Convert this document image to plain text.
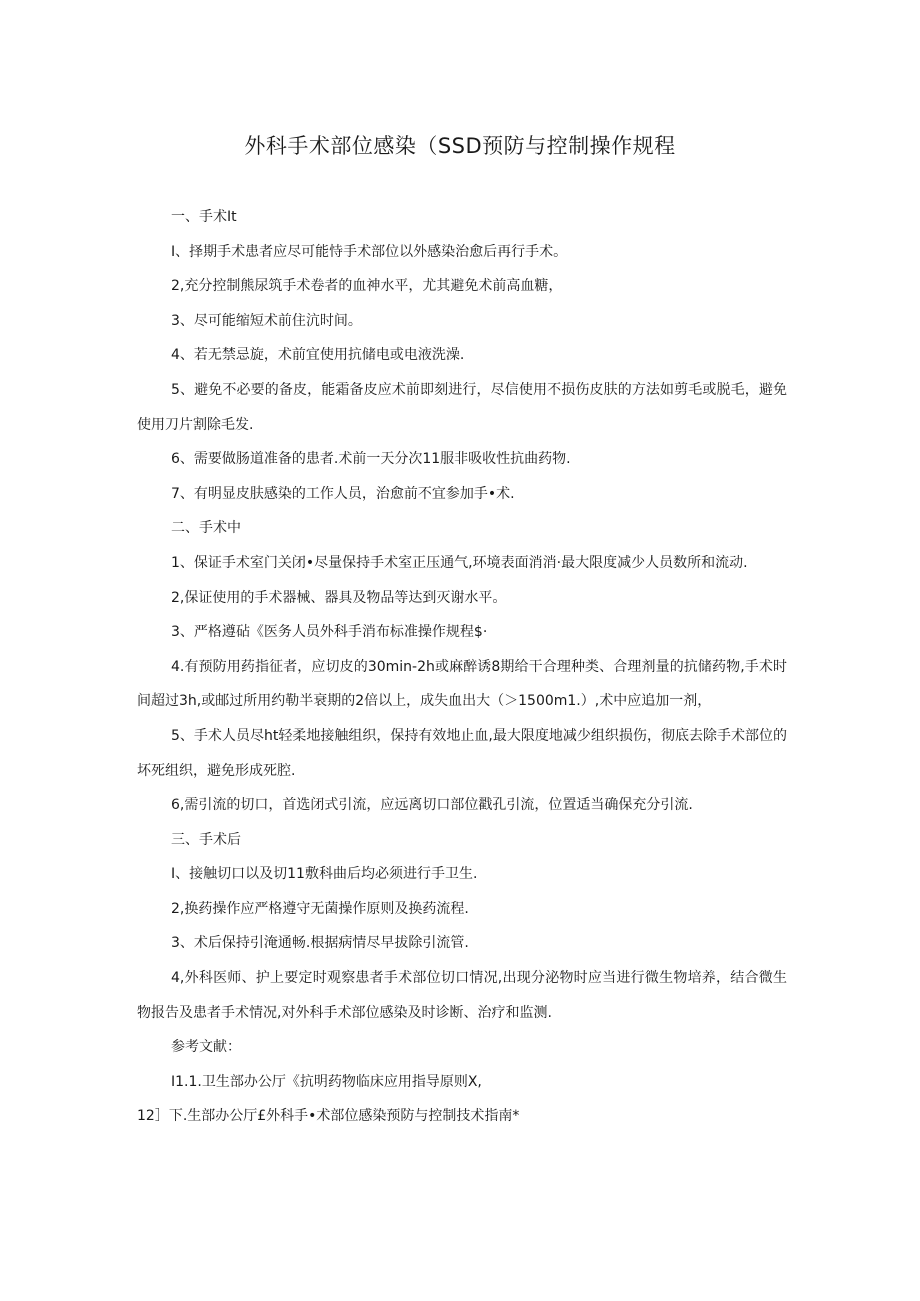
外科手术部位感染（SSD预防与控制操作规程

一、手术It

I、择期手术患者应尽可能恃手术部位以外感染治愈后再行手术。

2,充分控制熊尿筑手术卷者的血神水平，尤其避免术前高血糖，

3、尽可能缩短术前住沆时间。

4、若无禁忌旋，术前宜使用抗储电或电液洗澡.

5、避免不必要的备皮，能霜备皮应术前即刻进行，尽信使用不损伤皮肤的方法如剪毛或脱毛，避免使用刀片割除毛发.

6、需要做肠道准备的患者.术前一天分次11服非吸收性抗曲药物.

7、有明显皮肤感染的工作人员，治愈前不宜参加手•术.

二、手术中

1、保证手术室门关闭•尽量保持手术室正压通气,环境表面消消·最大限度减少人员数所和流动.

2,保证使用的手术器械、器具及物品等达到灭谢水平。

3、严格遵砧《医务人员外科手消布标准操作规程$·

4.有预防用药指征者，应切皮的30min-2h或麻醉诱8期给干合理种类、合理剂量的抗储药物,手术时间超过3h,或邮过所用约勒半衰期的2倍以上，成失血出大（＞1500m1.）,术中应追加一剂，

5、手术人员尽ht轻柔地接触组织，保持有效地止血,最大限度地减少组织损伤，彻底去除手术部位的坏死组织，避免形成死腔.

6,需引流的切口，首选闭式引流，应远离切口部位戳孔引流，位置适当确保充分引流.

三、手术后

I、接触切口以及切11敷科曲后均必须进行手卫生.

2,换药操作应严格遵守无菌操作原则及换药流程.

3、术后保持引淹通畅.根据病情尽早拔除引流管.

4,外科医师、护上要定时观察患者手术部位切口情况,出现分泌物时应当进行微生物培养，结合微生物报告及患者手术情况,对外科手术部位感染及时诊断、治疗和监测.

参考文献：

I1.1.卫生部办公厅《抗明药物临床应用指导原则X,

12］下.生部办公厅£外科手•术部位感染预防与控制技术指南*
